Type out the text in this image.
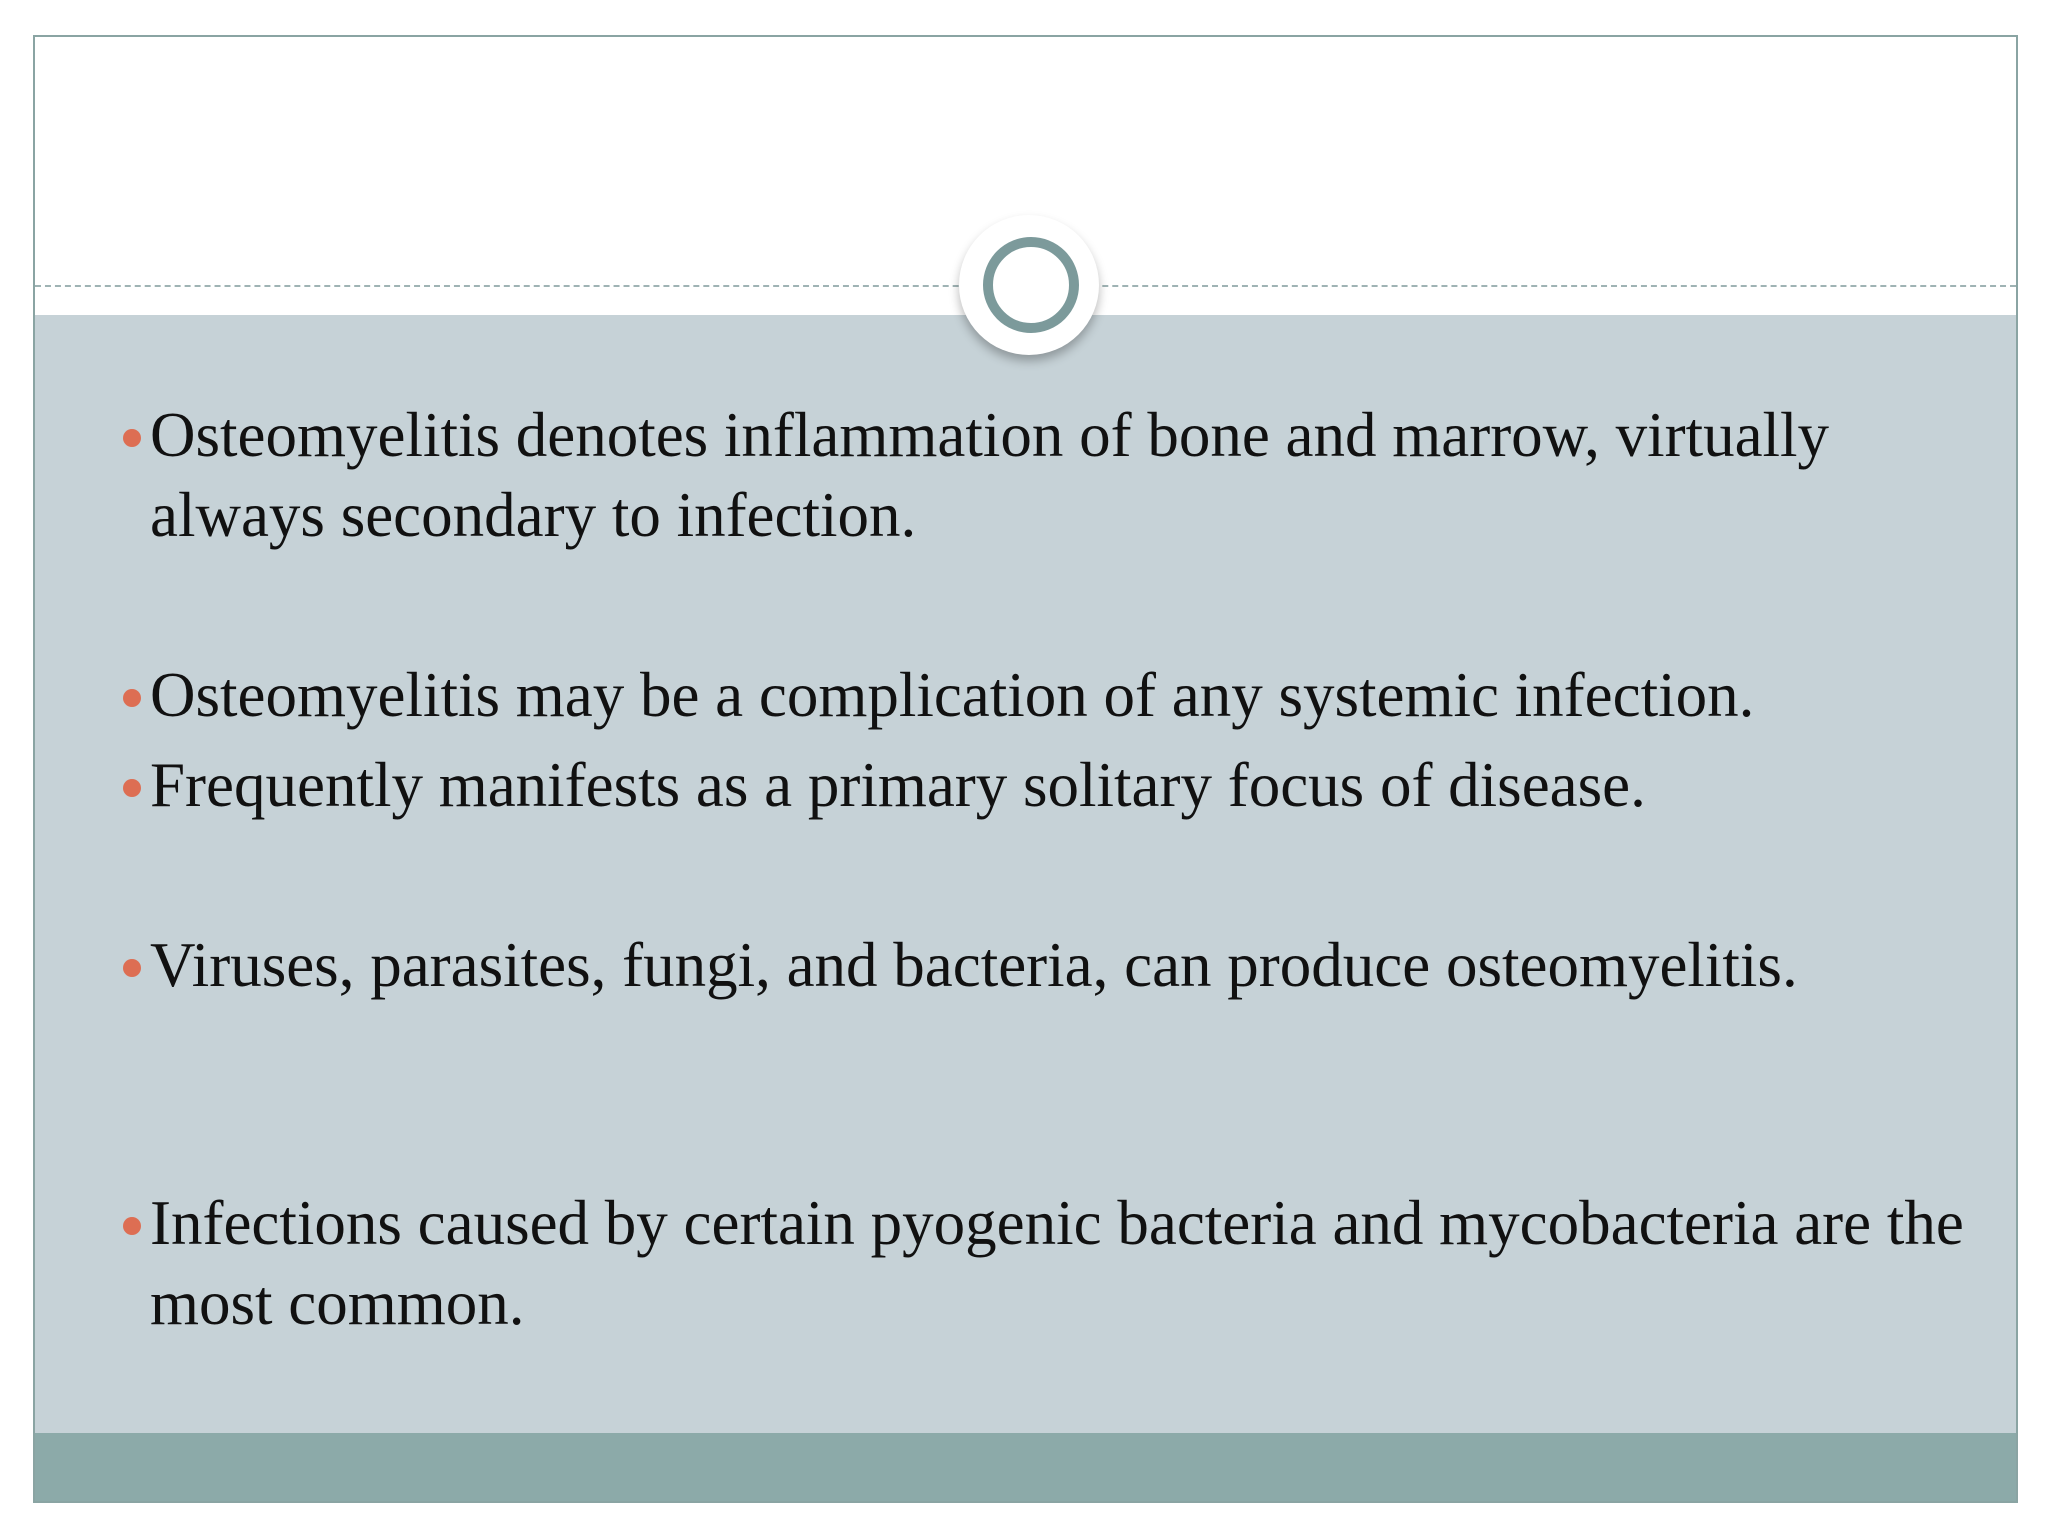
Osteomyelitis denotes inflammation of bone and marrow, virtually always secondary to infection.
Osteomyelitis may be a complication of any systemic infection.
Frequently manifests as a primary solitary focus of disease.
Viruses, parasites, fungi, and bacteria, can produce osteomyelitis.
Infections caused by certain pyogenic bacteria and mycobacteria are the most common.
